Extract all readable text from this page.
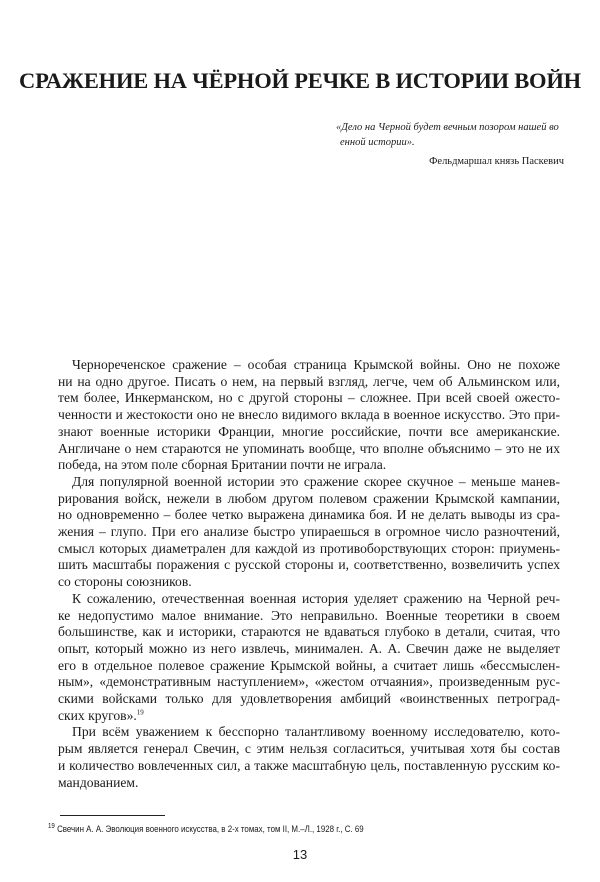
СРАЖЕНИЕ НА ЧЁРНОЙ РЕЧКЕ В ИСТОРИИ ВОЙН
«Дело на Черной будет вечным позором нашей во
енной истории».
Фельдмаршал князь Паскевич
Чернореченское сражение – особая страница Крымской войны. Оно не похоже
ни на одно другое. Писать о нем, на первый взгляд, легче, чем об Альминском или,
тем более, Инкерманском, но с другой стороны – сложнее. При всей своей ожесто-
ченности и жестокости оно не внесло видимого вклада в военное искусство. Это при-
знают военные историки Франции, многие российские, почти все американские.
Англичане о нем стараются не упоминать вообще, что вполне объяснимо – это не их
победа, на этом поле сборная Британии почти не играла.
Для популярной военной истории это сражение скорее скучное – меньше манев-
рирования войск, нежели в любом другом полевом сражении Крымской кампании,
но одновременно – более четко выражена динамика боя. И не делать выводы из сра-
жения – глупо. При его анализе быстро упираешься в огромное число разночтений,
смысл которых диаметрален для каждой из противоборствующих сторон: приумень-
шить масштабы поражения с русской стороны и, соответственно, возвеличить успех
со стороны союзников.
К сожалению, отечественная военная история уделяет сражению на Черной реч-
ке недопустимо малое внимание. Это неправильно. Военные теоретики в своем
большинстве, как и историки, стараются не вдаваться глубоко в детали, считая, что
опыт, который можно из него извлечь, минимален. А. А. Свечин даже не выделяет
его в отдельное полевое сражение Крымской войны, а считает лишь «бессмыслен-
ным», «демонстративным наступлением», «жестом отчаяния», произведенным рус-
скими войсками только для удовлетворения амбиций «воинственных петроград-
ских кругов».$^{19}$
При всём уважением к бесспорно талантливому военному исследователю, кото-
рым является генерал Свечин, с этим нельзя согласиться, учитывая хотя бы состав
и количество вовлеченных сил, а также масштабную цель, поставленную русским ко-
мандованием.
$^{19}$ Свечин А. А. Эволюция военного искусства, в 2-х томах, том II, М.–Л., 1928 г., С. 69
13
